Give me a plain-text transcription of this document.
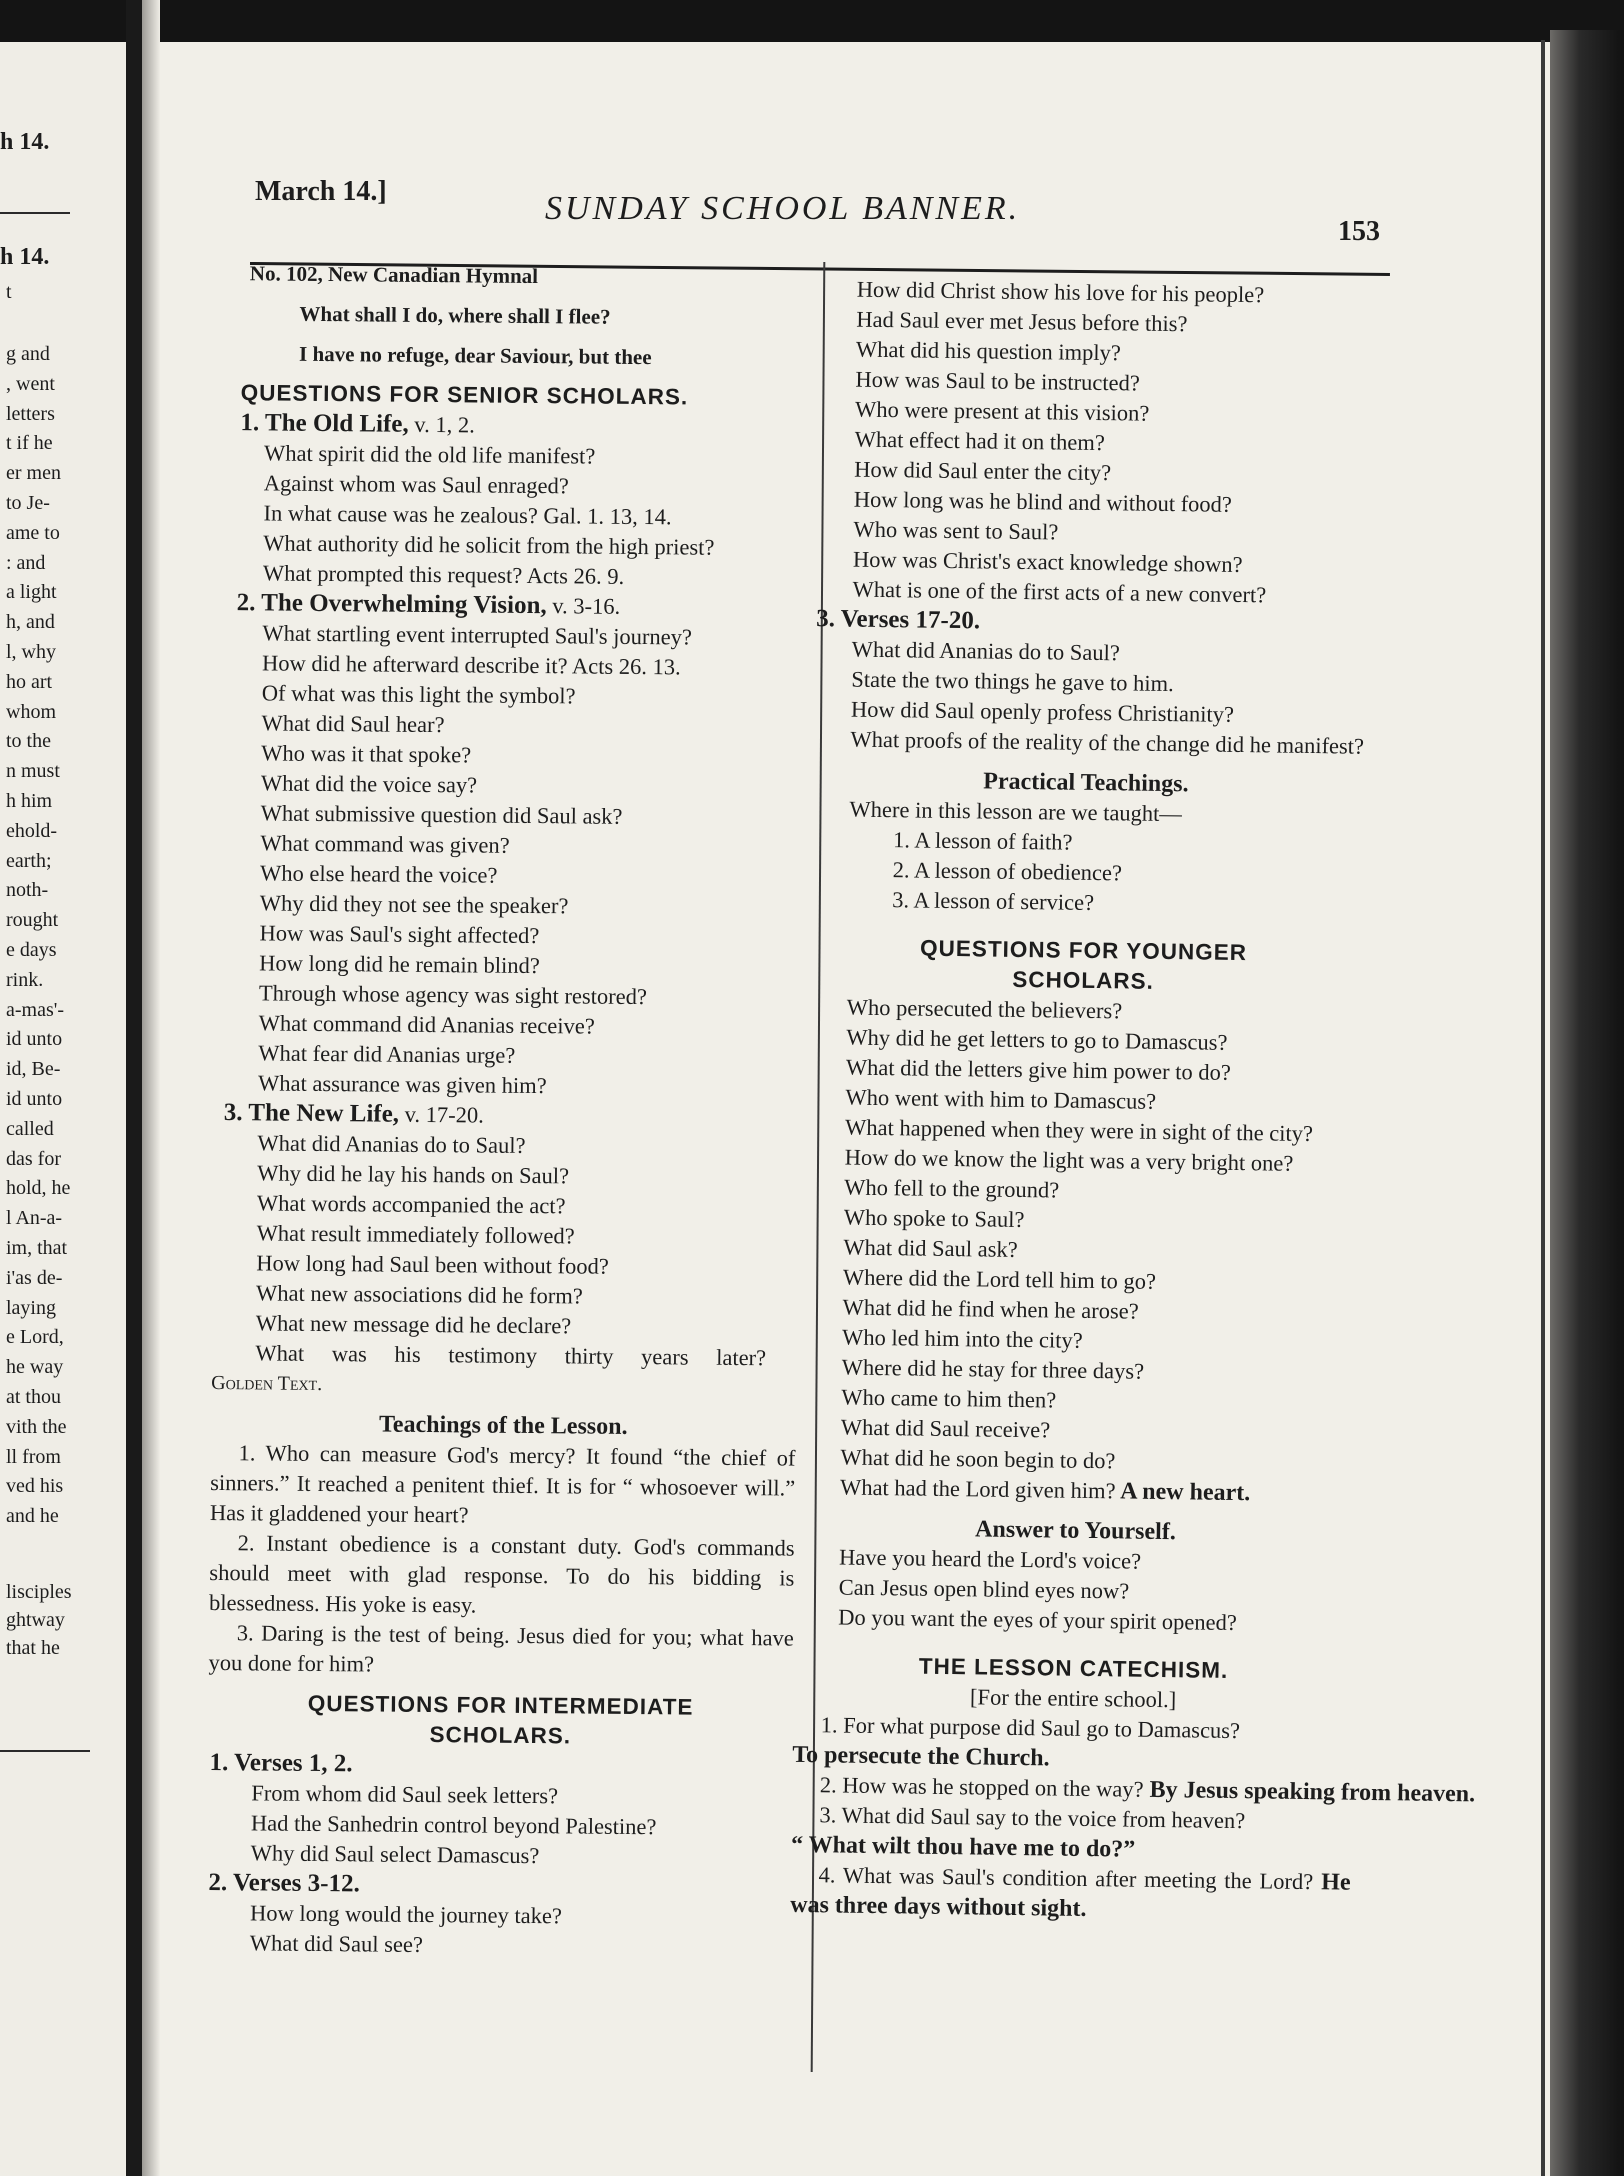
h 14.
h 14.
t
g and
, went
letters
t if he
er men
to Je-
ame to
: and
a light
h, and
l, why
ho art
whom
to the
n must
h him
ehold-
earth;
noth-
rought
e days
rink.
a-mas'-
id unto
id, Be-
id unto
called
das for
hold, he
l An-a-
im, that
i'as de-
laying
e Lord,
he way
at thou
vith the
ll from
ved his
and he
lisciples
ghtway
that he
March 14.]	SUNDAY SCHOOL BANNER.
153
No. 102, New Canadian Hymnal
What shall I do, where shall I flee?
I have no refuge, dear Saviour, but thee
QUESTIONS FOR SENIOR SCHOLARS.
1. The Old Life, v. 1, 2.
What spirit did the old life manifest?
Against whom was Saul enraged?
In what cause was he zealous? Gal. 1. 13, 14.
What authority did he solicit from the high priest?
What prompted this request? Acts 26. 9.
2. The Overwhelming Vision, v. 3-16.
What startling event interrupted Saul's journey?
How did he afterward describe it? Acts 26. 13.
Of what was this light the symbol?
What did Saul hear?
Who was it that spoke?
What did the voice say?
What submissive question did Saul ask?
What command was given?
Who else heard the voice?
Why did they not see the speaker?
How was Saul's sight affected?
How long did he remain blind?
Through whose agency was sight restored?
What command did Ananias receive?
What fear did Ananias urge?
What assurance was given him?
3. The New Life, v. 17-20.
What did Ananias do to Saul?
Why did he lay his hands on Saul?
What words accompanied the act?
What result immediately followed?
How long had Saul been without food?
What new associations did he form?
What new message did he declare?
What was his testimony thirty years later?
Golden Text.
Teachings of the Lesson.
1. Who can measure God's mercy? It found “the chief of sinners.” It reached a penitent thief. It is for “ whosoever will.” Has it gladdened your heart?
2. Instant obedience is a constant duty. God's commands should meet with glad response. To do his bidding is blessedness. His yoke is easy.
3. Daring is the test of being. Jesus died for you; what have you done for him?
QUESTIONS FOR INTERMEDIATE
SCHOLARS.
1. Verses 1, 2.
From whom did Saul seek letters?
Had the Sanhedrin control beyond Palestine?
Why did Saul select Damascus?
2. Verses 3-12.
How long would the journey take?
What did Saul see?
How did Christ show his love for his people?
Had Saul ever met Jesus before this?
What did his question imply?
How was Saul to be instructed?
Who were present at this vision?
What effect had it on them?
How did Saul enter the city?
How long was he blind and without food?
Who was sent to Saul?
How was Christ's exact knowledge shown?
What is one of the first acts of a new convert?
3. Verses 17-20.
What did Ananias do to Saul?
State the two things he gave to him.
How did Saul openly profess Christianity?
What proofs of the reality of the change did he manifest?
Practical Teachings.
Where in this lesson are we taught—
1. A lesson of faith?
2. A lesson of obedience?
3. A lesson of service?
QUESTIONS FOR YOUNGER
SCHOLARS.
Who persecuted the believers?
Why did he get letters to go to Damascus?
What did the letters give him power to do?
Who went with him to Damascus?
What happened when they were in sight of the city?
How do we know the light was a very bright one?
Who fell to the ground?
Who spoke to Saul?
What did Saul ask?
Where did the Lord tell him to go?
What did he find when he arose?
Who led him into the city?
Where did he stay for three days?
Who came to him then?
What did Saul receive?
What did he soon begin to do?
What had the Lord given him? A new heart.
Answer to Yourself.
Have you heard the Lord's voice?
Can Jesus open blind eyes now?
Do you want the eyes of your spirit opened?
THE LESSON CATECHISM.
[For the entire school.]
1. For what purpose did Saul go to Damascus?
To persecute the Church.
2. How was he stopped on the way? By Jesus speaking from heaven.
3. What did Saul say to the voice from heaven?
“ What wilt thou have me to do?”
4. What was Saul's condition after meeting the Lord? He was three days without sight.
